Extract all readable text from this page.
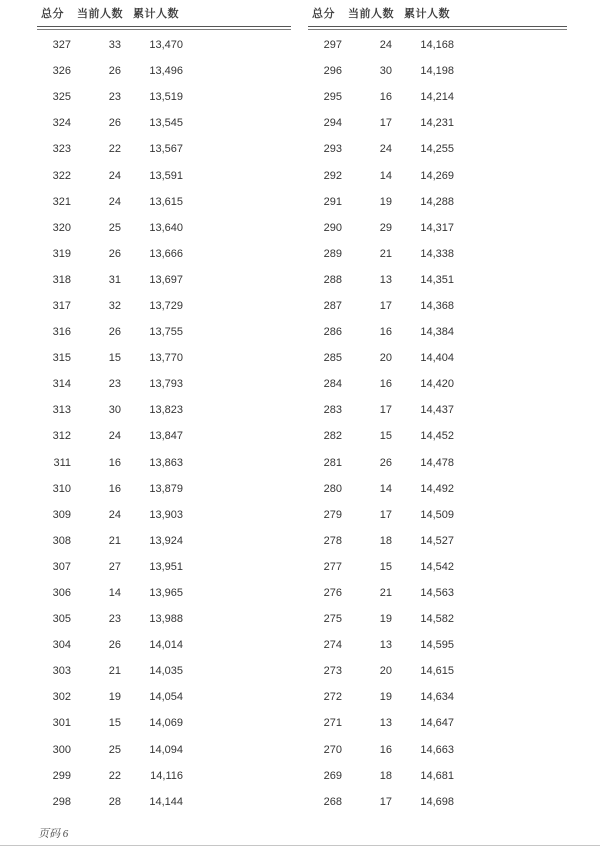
总分	当前人数 累计人数
327	33	13,470
326	26	13,496
325	23	13,519
324	26	13,545
323	22	13,567
322	24	13,591
321	24	13,615
320	25	13,640
319	26	13,666
318	31	13,697
317	32	13,729
316	26	13,755
315	15	13,770
314	23	13,793
313	30	13,823
312	24	13,847
311	16	13,863
310	16	13,879
309	24	13,903
308	21	13,924
307	27	13,951
306	14	13,965
305	23	13,988
304	26	14,014
303	21	14,035
302	19	14,054
301	15	14,069
300	25	14,094
299	22	14,116
298	28	14,144
总分	当前人数 累计人数
297	24	14,168
296	30	14,198
295	16	14,214
294	17	14,231
293	24	14,255
292	14	14,269
291	19	14,288
290	29	14,317
289	21	14,338
288	13	14,351
287	17	14,368
286	16	14,384
285	20	14,404
284	16	14,420
283	17	14,437
282	15	14,452
281	26	14,478
280	14	14,492
279	17	14,509
278	18	14,527
277	15	14,542
276	21	14,563
275	19	14,582
274	13	14,595
273	20	14,615
272	19	14,634
271	13	14,647
270	16	14,663
269	18	14,681
268	17	14,698
页码 6
